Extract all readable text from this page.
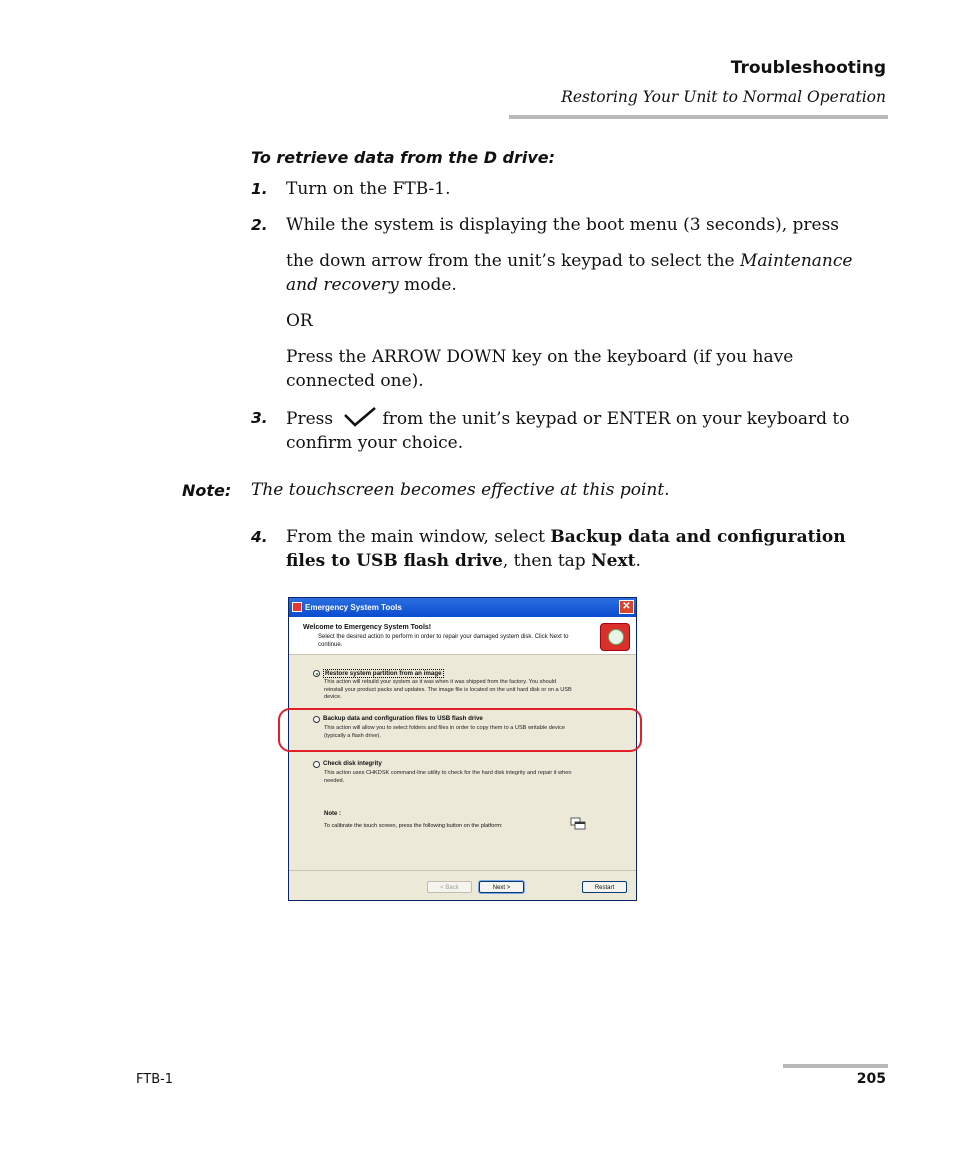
Troubleshooting
Restoring Your Unit to Normal Operation
To retrieve data from the D drive:
1. Turn on the FTB-1.
2. While the system is displaying the boot menu (3 seconds), press
the down arrow from the unit’s keypad to select the Maintenance and recovery mode.
OR
Press the ARROW DOWN key on the keyboard (if you have connected one).
3. Press	from the unit’s keypad or ENTER on your keyboard to confirm your choice.
Note: The touchscreen becomes effective at this point.
4. From the main window, select Backup data and configuration files to USB flash drive, then tap Next.
Emergency System Tools	✕
Welcome to Emergency System Tools!
Select the desired action to perform in order to repair your damaged system disk. Click Next to continue.
Restore system partition from an image
This action will rebuild your system as it was when it was shipped from the factory. You should reinstall your product packs and updates. The image file is located on the unit hard disk or on a USB device.
Backup data and configuration files to USB flash drive
This action will allow you to select folders and files in order to copy them to a USB writable device (typically a flash drive).
Check disk integrity
This action uses CHKDSK command-line utility to check for the hard disk integrity and repair it when needed.
Note :
To calibrate the touch screen, press the following button on the platform:
< Back	Next >	Restart
FTB-1	205
